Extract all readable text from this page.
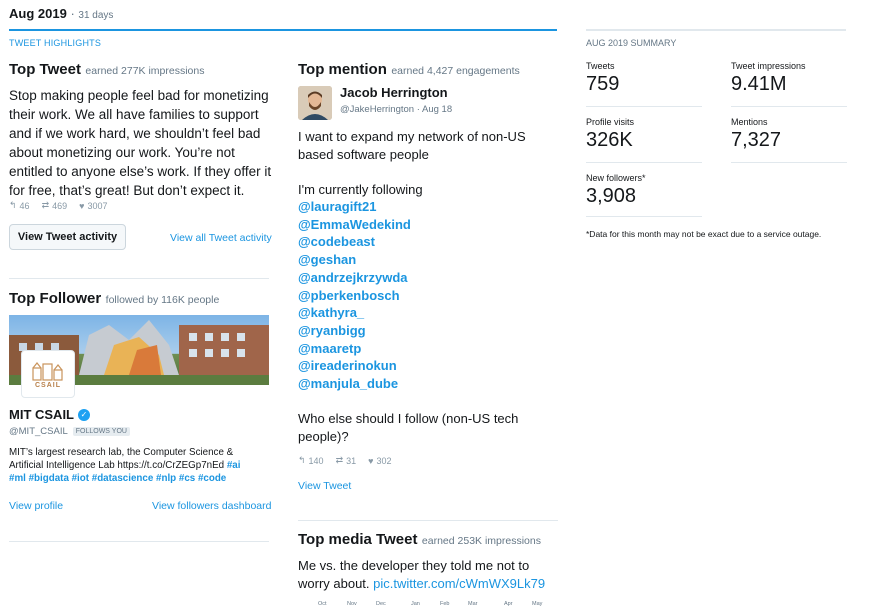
Aug 2019 · 31 days
TWEET HIGHLIGHTS
Top Tweet earned 277K impressions
Stop making people feel bad for monetizing
their work. We all have families to support
and if we work hard, we shouldn’t feel bad
about monetizing our work. You’re not
entitled to anyone else’s work. If they offer it
for free, that’s great! But don’t expect it.
↰ 46 ⇄ 469 ♥ 3007
View Tweet activity	View all Tweet activity
Top Follower followed by 116K people
CSAIL
MIT CSAIL ✓
@MIT_CSAIL	FOLLOWS YOU
MIT’s largest research lab, the Computer Science &
Artificial Intelligence Lab https://t.co/CrZEGp7nEd #ai
#ml #bigdata #iot #datascience #nlp #cs #code
View profile	View followers dashboard
Top mention earned 4,427 engagements
Jacob Herrington
@JakeHerrington · Aug 18
I want to expand my network of non-US
based software people
I'm currently following
@lauragift21
@EmmaWedekind
@codebeast
@geshan
@andrzejkrzywda
@pberkenbosch
@kathyra_
@ryanbigg
@maaretp
@ireaderinokun
@manjula_dube
Who else should I follow (non-US tech
people)?
↰ 140 ⇄ 31 ♥ 302
View Tweet
Top media Tweet earned 253K impressions
Me vs. the developer they told me not to
worry about. pic.twitter.com/cWmWX9Lk79
Oct	Nov	Dec	Jan	Feb	Mar	Apr	May
AUG 2019 SUMMARY
Tweets
759
Tweet impressions
9.41M
Profile visits
326K
Mentions
7,327
New followers*
3,908
*Data for this month may not be exact due to a service outage.
